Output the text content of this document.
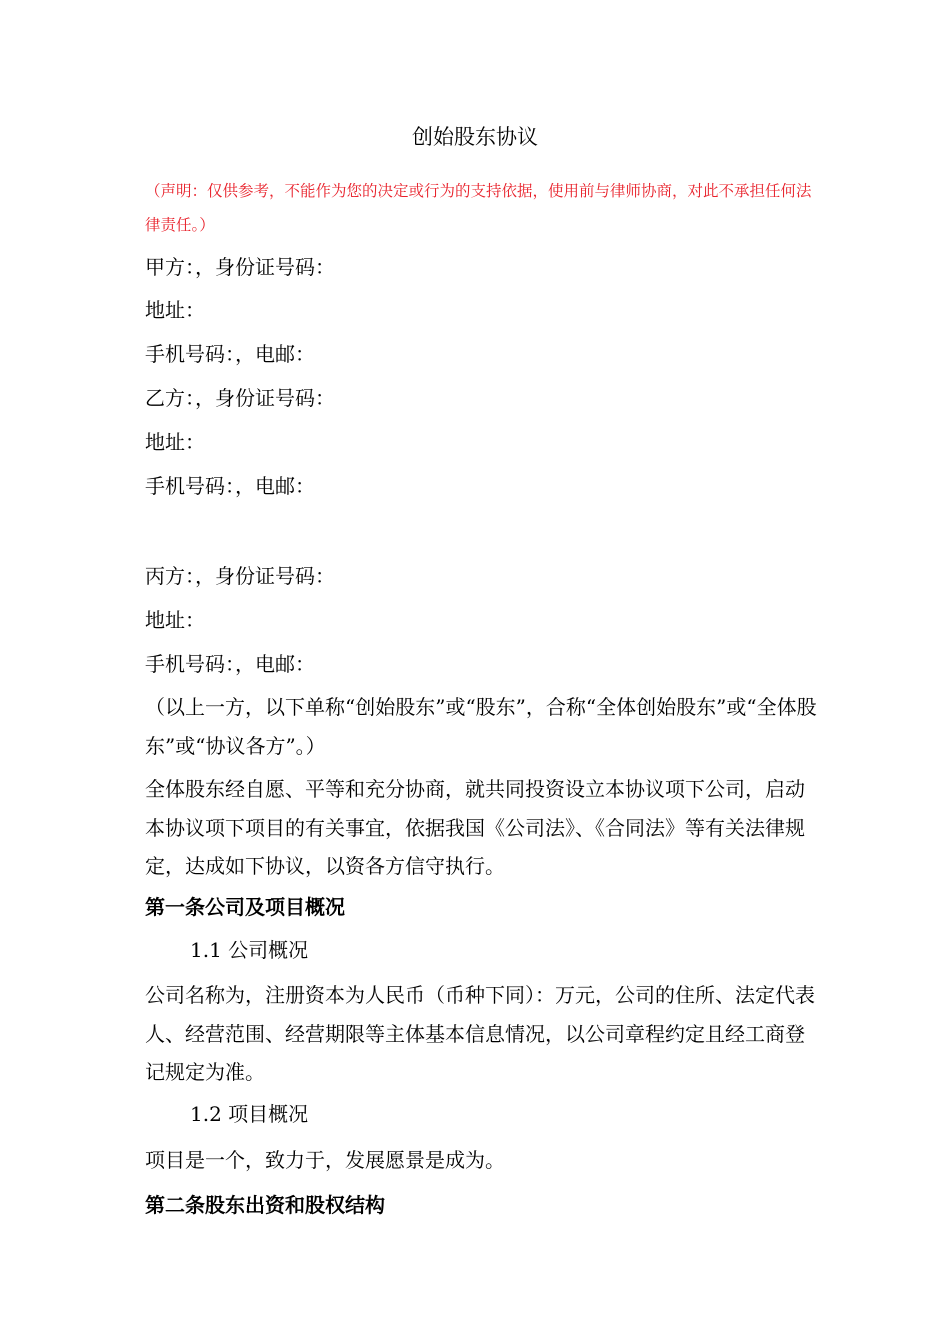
创始股东协议
（声明：仅供参考，不能作为您的决定或行为的支持依据，使用前与律师协商，对此不承担任何法律责任。）
甲方：，身份证号码：
地址：
手机号码：，电邮：
乙方：，身份证号码：
地址：
手机号码：，电邮：
丙方：，身份证号码：
地址：
手机号码：，电邮：
（以上一方，以下单称“创始股东”或“股东”，合称“全体创始股东”或“全体股东”或“协议各方”。）
全体股东经自愿、平等和充分协商，就共同投资设立本协议项下公司，启动本协议项下项目的有关事宜，依据我国《公司法》、《合同法》等有关法律规定，达成如下协议，以资各方信守执行。
第一条公司及项目概况
1.1 公司概况
公司名称为，注册资本为人民币（币种下同）：万元，公司的住所、法定代表人、经营范围、经营期限等主体基本信息情况，以公司章程约定且经工商登记规定为准。
1.2 项目概况
项目是一个，致力于，发展愿景是成为。
第二条股东出资和股权结构
